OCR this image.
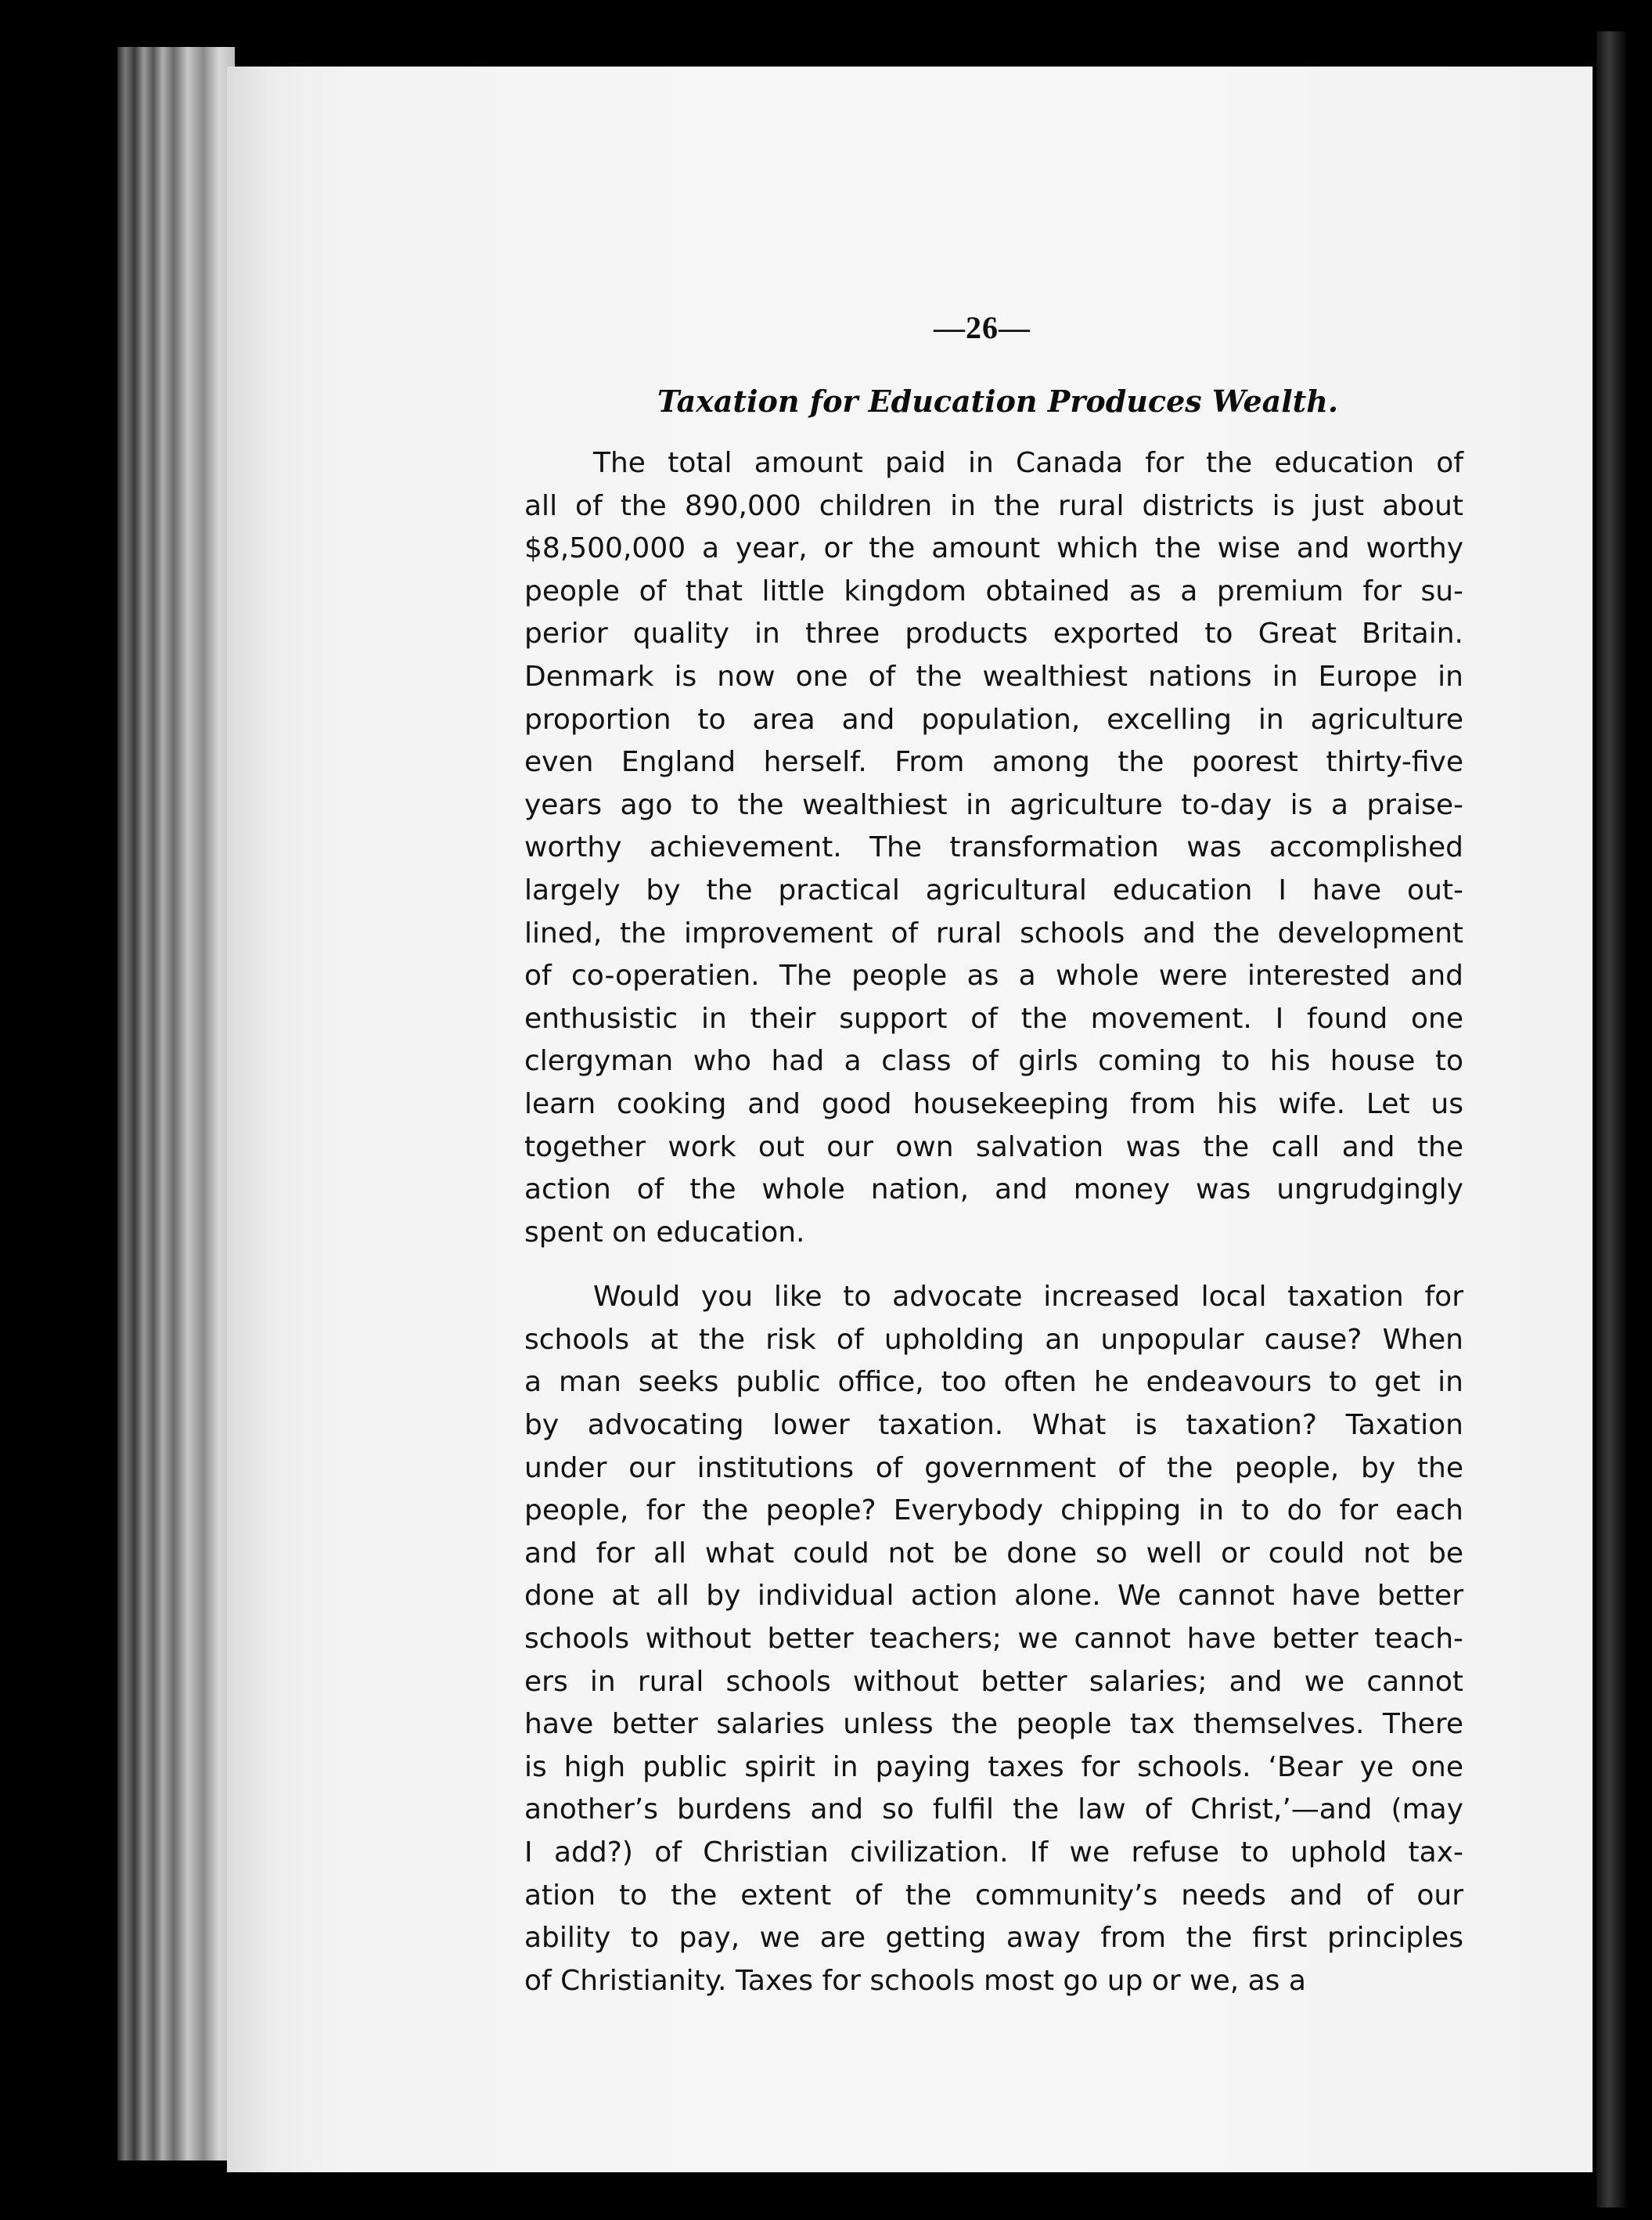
—26—
Taxation for Education Produces Wealth.
The total amount paid in Canada for the education of
all of the 890,000 children in the rural districts is just about
$8,500,000 a year, or the amount which the wise and worthy
people of that little kingdom obtained as a premium for su-
perior quality in three products exported to Great Britain.
Denmark is now one of the wealthiest nations in Europe in
proportion to area and population, excelling in agriculture
even England herself. From among the poorest thirty-five
years ago to the wealthiest in agriculture to-day is a praise-
worthy achievement. The transformation was accomplished
largely by the practical agricultural education I have out-
lined, the improvement of rural schools and the development
of co-operatien. The people as a whole were interested and
enthusistic in their support of the movement. I found one
clergyman who had a class of girls coming to his house to
learn cooking and good housekeeping from his wife. Let us
together work out our own salvation was the call and the
action of the whole nation, and money was ungrudgingly
spent on education.
Would you like to advocate increased local taxation for
schools at the risk of upholding an unpopular cause? When
a man seeks public office, too often he endeavours to get in
by advocating lower taxation. What is taxation? Taxation
under our institutions of government of the people, by the
people, for the people? Everybody chipping in to do for each
and for all what could not be done so well or could not be
done at all by individual action alone. We cannot have better
schools without better teachers; we cannot have better teach-
ers in rural schools without better salaries; and we cannot
have better salaries unless the people tax themselves. There
is high public spirit in paying taxes for schools. ‘Bear ye one
another’s burdens and so fulfil the law of Christ,’—and (may
I add?) of Christian civilization. If we refuse to uphold tax-
ation to the extent of the community’s needs and of our
ability to pay, we are getting away from the first principles
of Christianity. Taxes for schools most go up or we, as a
